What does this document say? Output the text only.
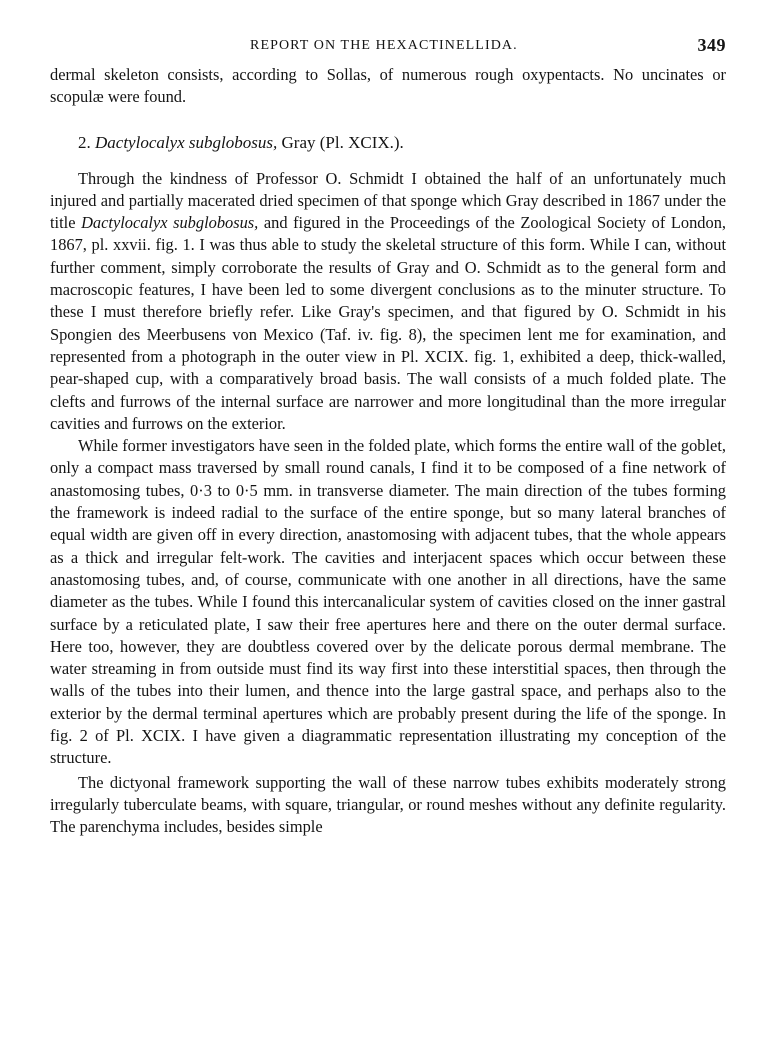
REPORT ON THE HEXACTINELLIDA.	349

dermal skeleton consists, according to Sollas, of numerous rough oxypentacts. No uncinates or scopulæ were found.

2. Dactylocalyx subglobosus, Gray (Pl. XCIX.).

Through the kindness of Professor O. Schmidt I obtained the half of an unfortunately much injured and partially macerated dried specimen of that sponge which Gray described in 1867 under the title Dactylocalyx subglobosus, and figured in the Proceedings of the Zoological Society of London, 1867, pl. xxvii. fig. 1. I was thus able to study the skeletal structure of this form. While I can, without further comment, simply corroborate the results of Gray and O. Schmidt as to the general form and macroscopic features, I have been led to some divergent conclusions as to the minuter structure. To these I must therefore briefly refer. Like Gray's specimen, and that figured by O. Schmidt in his Spongien des Meerbusens von Mexico (Taf. iv. fig. 8), the specimen lent me for examination, and represented from a photograph in the outer view in Pl. XCIX. fig. 1, exhibited a deep, thick-walled, pear-shaped cup, with a comparatively broad basis. The wall consists of a much folded plate. The clefts and furrows of the internal surface are narrower and more longitudinal than the more irregular cavities and furrows on the exterior.

While former investigators have seen in the folded plate, which forms the entire wall of the goblet, only a compact mass traversed by small round canals, I find it to be composed of a fine network of anastomosing tubes, 0·3 to 0·5 mm. in transverse diameter. The main direction of the tubes forming the framework is indeed radial to the surface of the entire sponge, but so many lateral branches of equal width are given off in every direction, anastomosing with adjacent tubes, that the whole appears as a thick and irregular felt-work. The cavities and interjacent spaces which occur between these anastomosing tubes, and, of course, communicate with one another in all directions, have the same diameter as the tubes. While I found this intercanalicular system of cavities closed on the inner gastral surface by a reticulated plate, I saw their free apertures here and there on the outer dermal surface. Here too, however, they are doubtless covered over by the delicate porous dermal membrane. The water streaming in from outside must find its way first into these interstitial spaces, then through the walls of the tubes into their lumen, and thence into the large gastral space, and perhaps also to the exterior by the dermal terminal apertures which are probably present during the life of the sponge. In fig. 2 of Pl. XCIX. I have given a diagrammatic representation illustrating my conception of the structure.

The dictyonal framework supporting the wall of these narrow tubes exhibits moderately strong irregularly tuberculate beams, with square, triangular, or round meshes without any definite regularity. The parenchyma includes, besides simple
